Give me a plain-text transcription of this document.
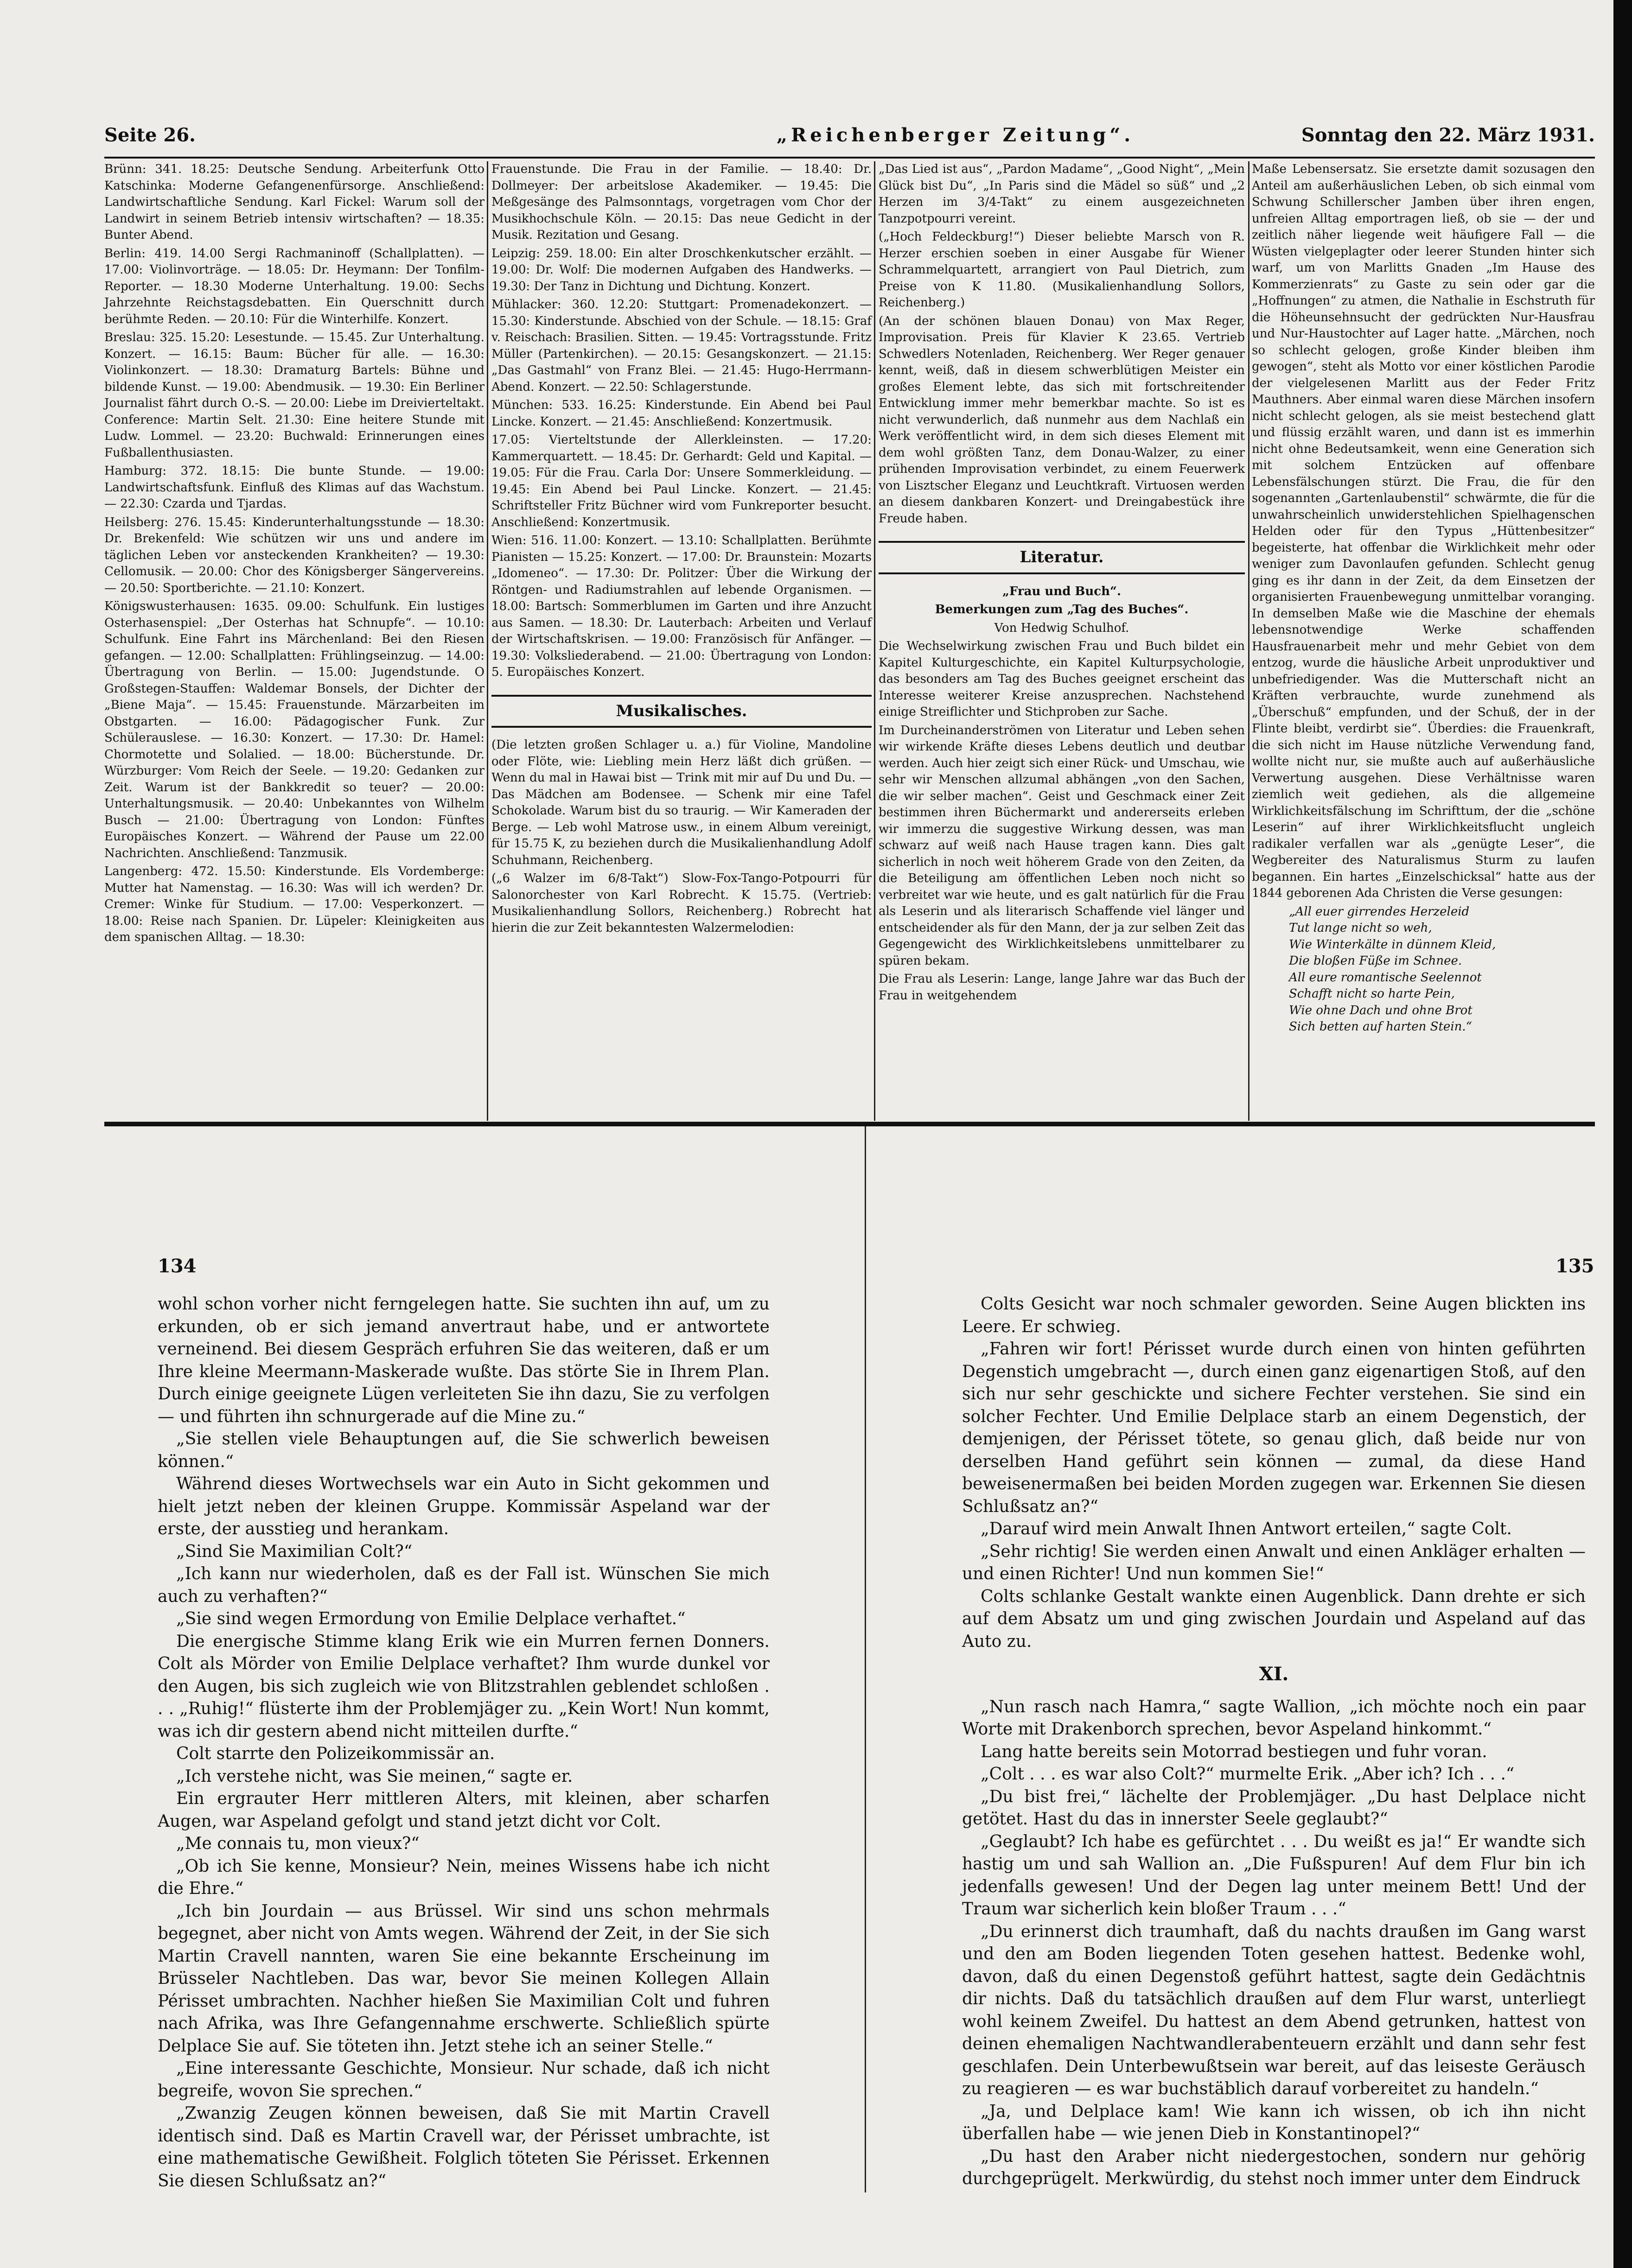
Seite 26.	„Reichenberger Zeitung“.	Sonntag den 22. März 1931.

Brünn: 341. 18.25: Deutsche Sendung. Arbeiterfunk Otto Katschinka: Moderne Gefangenenfürsorge. Anschließend: Landwirtschaftliche Sendung. Karl Fickel: Warum soll der Landwirt in seinem Betrieb intensiv wirtschaften? — 18.35: Bunter Abend.

Berlin: 419. 14.00 Sergi Rachmaninoff (Schallplatten). — 17.00: Violinvorträge. — 18.05: Dr. Heymann: Der Tonfilm-Reporter. — 18.30 Moderne Unterhaltung. 19.00: Sechs Jahrzehnte Reichstagsdebatten. Ein Querschnitt durch berühmte Reden. — 20.10: Für die Winterhilfe. Konzert.

Breslau: 325. 15.20: Lesestunde. — 15.45. Zur Unterhaltung. Konzert. — 16.15: Baum: Bücher für alle. — 16.30: Violinkonzert. — 18.30: Dramaturg Bartels: Bühne und bildende Kunst. — 19.00: Abendmusik. — 19.30: Ein Berliner Journalist fährt durch O.-S. — 20.00: Liebe im Dreivierteltakt. Conference: Martin Selt. 21.30: Eine heitere Stunde mit Ludw. Lommel. — 23.20: Buchwald: Erinnerungen eines Fußballenthusiasten.

Hamburg: 372. 18.15: Die bunte Stunde. — 19.00: Landwirtschaftsfunk. Einfluß des Klimas auf das Wachstum. — 22.30: Czarda und Tjardas.

Heilsberg: 276. 15.45: Kinderunterhaltungsstunde — 18.30: Dr. Brekenfeld: Wie schützen wir uns und andere im täglichen Leben vor ansteckenden Krankheiten? — 19.30: Cellomusik. — 20.00: Chor des Königsberger Sängervereins. — 20.50: Sportberichte. — 21.10: Konzert.

Königswusterhausen: 1635. 09.00: Schulfunk. Ein lustiges Osterhasenspiel: „Der Osterhas hat Schnupfe“. — 10.10: Schulfunk. Eine Fahrt ins Märchenland: Bei den Riesen gefangen. — 12.00: Schallplatten: Frühlingseinzug. — 14.00: Übertragung von Berlin. — 15.00: Jugendstunde. O Großstegen-Stauffen: Waldemar Bonsels, der Dichter der „Biene Maja“. — 15.45: Frauenstunde. Märzarbeiten im Obstgarten. — 16.00: Pädagogischer Funk. Zur Schülerauslese. — 16.30: Konzert. — 17.30: Dr. Hamel: Chormotette und Solalied. — 18.00: Bücherstunde. Dr. Würzburger: Vom Reich der Seele. — 19.20: Gedanken zur Zeit. Warum ist der Bankkredit so teuer? — 20.00: Unterhaltungsmusik. — 20.40: Unbekanntes von Wilhelm Busch — 21.00: Übertragung von London: Fünftes Europäisches Konzert. — Während der Pause um 22.00 Nachrichten. Anschließend: Tanzmusik.

Langenberg: 472. 15.50: Kinderstunde. Els Vordemberge: Mutter hat Namenstag. — 16.30: Was will ich werden? Dr. Cremer: Winke für Studium. — 17.00: Vesperkonzert. — 18.00: Reise nach Spanien. Dr. Lüpeler: Kleinigkeiten aus dem spanischen Alltag. — 18.30:

Frauenstunde. Die Frau in der Familie. — 18.40: Dr. Dollmeyer: Der arbeitslose Akademiker. — 19.45: Die Meßgesänge des Palmsonntags, vorgetragen vom Chor der Musikhochschule Köln. — 20.15: Das neue Gedicht in der Musik. Rezitation und Gesang.

Leipzig: 259. 18.00: Ein alter Droschkenkutscher erzählt. — 19.00: Dr. Wolf: Die modernen Aufgaben des Handwerks. — 19.30: Der Tanz in Dichtung und Dichtung. Konzert.

Mühlacker: 360. 12.20: Stuttgart: Promenadekonzert. — 15.30: Kinderstunde. Abschied von der Schule. — 18.15: Graf v. Reischach: Brasilien. Sitten. — 19.45: Vortragsstunde. Fritz Müller (Partenkirchen). — 20.15: Gesangskonzert. — 21.15: „Das Gastmahl“ von Franz Blei. — 21.45: Hugo-Herrmann-Abend. Konzert. — 22.50: Schlagerstunde.

München: 533. 16.25: Kinderstunde. Ein Abend bei Paul Lincke. Konzert. — 21.45: Anschließend: Konzertmusik.

17.05: Vierteltstunde der Allerkleinsten. — 17.20: Kammerquartett. — 18.45: Dr. Gerhardt: Geld und Kapital. — 19.05: Für die Frau. Carla Dor: Unsere Sommerkleidung. — 19.45: Ein Abend bei Paul Lincke. Konzert. — 21.45: Schriftsteller Fritz Büchner wird vom Funkreporter besucht. Anschließend: Konzertmusik.

Wien: 516. 11.00: Konzert. — 13.10: Schallplatten. Berühmte Pianisten — 15.25: Konzert. — 17.00: Dr. Braunstein: Mozarts „Idomeneo“. — 17.30: Dr. Politzer: Über die Wirkung der Röntgen- und Radiumstrahlen auf lebende Organismen. — 18.00: Bartsch: Sommerblumen im Garten und ihre Anzucht aus Samen. — 18.30: Dr. Lauterbach: Arbeiten und Verlauf der Wirtschaftskrisen. — 19.00: Französisch für Anfänger. — 19.30: Volksliederabend. — 21.00: Übertragung von London: 5. Europäisches Konzert.

Musikalisches.

(Die letzten großen Schlager u. a.) für Violine, Mandoline oder Flöte, wie: Liebling mein Herz läßt dich grüßen. — Wenn du mal in Hawai bist — Trink mit mir auf Du und Du. — Das Mädchen am Bodensee. — Schenk mir eine Tafel Schokolade. Warum bist du so traurig. — Wir Kameraden der Berge. — Leb wohl Matrose usw., in einem Album vereinigt, für 15.75 K, zu beziehen durch die Musikalienhandlung Adolf Schuhmann, Reichenberg.

(„6 Walzer im 6/8-Takt“) Slow-Fox-Tango-Potpourri für Salonorchester von Karl Robrecht. K 15.75. (Vertrieb: Musikalienhandlung Sollors, Reichenberg.) Robrecht hat hierin die zur Zeit bekanntesten Walzermelodien:

„Das Lied ist aus“, „Pardon Madame“, „Good Night“, „Mein Glück bist Du“, „In Paris sind die Mädel so süß“ und „2 Herzen im 3/4-Takt“ zu einem ausgezeichneten Tanzpotpourri vereint.

(„Hoch Feldeckburg!“) Dieser beliebte Marsch von R. Herzer erschien soeben in einer Ausgabe für Wiener Schrammelquartett, arrangiert von Paul Dietrich, zum Preise von K 11.80. (Musikalienhandlung Sollors, Reichenberg.)

(An der schönen blauen Donau) von Max Reger, Improvisation. Preis für Klavier K 23.65. Vertrieb Schwedlers Notenladen, Reichenberg. Wer Reger genauer kennt, weiß, daß in diesem schwerblütigen Meister ein großes Element lebte, das sich mit fortschreitender Entwicklung immer mehr bemerkbar machte. So ist es nicht verwunderlich, daß nunmehr aus dem Nachlaß ein Werk veröffentlicht wird, in dem sich dieses Element mit dem wohl größten Tanz, dem Donau-Walzer, zu einer prühenden Improvisation verbindet, zu einem Feuerwerk von Lisztscher Eleganz und Leuchtkraft. Virtuosen werden an diesem dankbaren Konzert- und Dreingabestück ihre Freude haben.

Literatur.

„Frau und Buch“.

Bemerkungen zum „Tag des Buches“.

Von Hedwig Schulhof.

Die Wechselwirkung zwischen Frau und Buch bildet ein Kapitel Kulturgeschichte, ein Kapitel Kulturpsychologie, das besonders am Tag des Buches geeignet erscheint das Interesse weiterer Kreise anzusprechen. Nachstehend einige Streiflichter und Stichproben zur Sache.

Im Durcheinanderströmen von Literatur und Leben sehen wir wirkende Kräfte dieses Lebens deutlich und deutbar werden. Auch hier zeigt sich einer Rück- und Umschau, wie sehr wir Menschen allzumal abhängen „von den Sachen, die wir selber machen“. Geist und Geschmack einer Zeit bestimmen ihren Büchermarkt und andererseits erleben wir immerzu die suggestive Wirkung dessen, was man schwarz auf weiß nach Hause tragen kann. Dies galt sicherlich in noch weit höherem Grade von den Zeiten, da die Beteiligung am öffentlichen Leben noch nicht so verbreitet war wie heute, und es galt natürlich für die Frau als Leserin und als literarisch Schaffende viel länger und entscheidender als für den Mann, der ja zur selben Zeit das Gegengewicht des Wirklichkeitslebens unmittelbarer zu spüren bekam.

Die Frau als Leserin: Lange, lange Jahre war das Buch der Frau in weitgehendem

Maße Lebensersatz. Sie ersetzte damit sozusagen den Anteil am außerhäuslichen Leben, ob sich einmal vom Schwung Schillerscher Jamben über ihren engen, unfreien Alltag emportragen ließ, ob sie — der und zeitlich näher liegende weit häufigere Fall — die Wüsten vielgeplagter oder leerer Stunden hinter sich warf, um von Marlitts Gnaden „Im Hause des Kommerzienrats“ zu Gaste zu sein oder gar die „Hoffnungen“ zu atmen, die Nathalie in Eschstruth für die Höheunsehnsucht der gedrückten Nur-Hausfrau und Nur-Haustochter auf Lager hatte. „Märchen, noch so schlecht gelogen, große Kinder bleiben ihm gewogen“, steht als Motto vor einer köstlichen Parodie der vielgelesenen Marlitt aus der Feder Fritz Mauthners. Aber einmal waren diese Märchen insofern nicht schlecht gelogen, als sie meist bestechend glatt und flüssig erzählt waren, und dann ist es immerhin nicht ohne Bedeutsamkeit, wenn eine Generation sich mit solchem Entzücken auf offenbare Lebensfälschungen stürzt. Die Frau, die für den sogenannten „Gartenlaubenstil“ schwärmte, die für die unwahrscheinlich unwiderstehlichen Spielhagenschen Helden oder für den Typus „Hüttenbesitzer“ begeisterte, hat offenbar die Wirklichkeit mehr oder weniger zum Davonlaufen gefunden. Schlecht genug ging es ihr dann in der Zeit, da dem Einsetzen der organisierten Frauenbewegung unmittelbar voranging. In demselben Maße wie die Maschine der ehemals lebensnotwendige Werke schaffenden Hausfrauenarbeit mehr und mehr Gebiet von dem entzog, wurde die häusliche Arbeit unproduktiver und unbefriedigender. Was die Mutterschaft nicht an Kräften verbrauchte, wurde zunehmend als „Überschuß“ empfunden, und der Schuß, der in der Flinte bleibt, verdirbt sie“. Überdies: die Frauenkraft, die sich nicht im Hause nützliche Verwendung fand, wollte nicht nur, sie mußte auch auf außerhäusliche Verwertung ausgehen. Diese Verhältnisse waren ziemlich weit gediehen, als die allgemeine Wirklichkeitsfälschung im Schrifttum, der die „schöne Leserin“ auf ihrer Wirklichkeitsflucht ungleich radikaler verfallen war als „genügte Leser“, die Wegbereiter des Naturalismus Sturm zu laufen begannen. Ein hartes „Einzelschicksal“ hatte aus der 1844 geborenen Ada Christen die Verse gesungen:

„All euer girrendes Herzeleid
Tut lange nicht so weh,
Wie Winterkälte in dünnem Kleid,
Die bloßen Füße im Schnee.
All eure romantische Seelennot
Schafft nicht so harte Pein,
Wie ohne Dach und ohne Brot
Sich betten auf harten Stein.“
134	135

wohl schon vorher nicht ferngelegen hatte. Sie suchten ihn auf, um zu erkunden, ob er sich jemand anvertraut habe, und er antwortete verneinend. Bei diesem Gespräch erfuhren Sie das weiteren, daß er um Ihre kleine Meermann-Maskerade wußte. Das störte Sie in Ihrem Plan. Durch einige geeignete Lügen verleiteten Sie ihn dazu, Sie zu verfolgen — und führten ihn schnurgerade auf die Mine zu.“

„Sie stellen viele Behauptungen auf, die Sie schwerlich beweisen können.“

Während dieses Wortwechsels war ein Auto in Sicht gekommen und hielt jetzt neben der kleinen Gruppe. Kommissär Aspeland war der erste, der ausstieg und herankam.

„Sind Sie Maximilian Colt?“

„Ich kann nur wiederholen, daß es der Fall ist. Wünschen Sie mich auch zu verhaften?“

„Sie sind wegen Ermordung von Emilie Delplace verhaftet.“

Die energische Stimme klang Erik wie ein Murren fernen Donners. Colt als Mörder von Emilie Delplace verhaftet? Ihm wurde dunkel vor den Augen, bis sich zugleich wie von Blitzstrahlen geblendet schloßen . . . „Ruhig!“ flüsterte ihm der Problemjäger zu. „Kein Wort! Nun kommt, was ich dir gestern abend nicht mitteilen durfte.“

Colt starrte den Polizeikommissär an.

„Ich verstehe nicht, was Sie meinen,“ sagte er.

Ein ergrauter Herr mittleren Alters, mit kleinen, aber scharfen Augen, war Aspeland gefolgt und stand jetzt dicht vor Colt.

„Me connais tu, mon vieux?“

„Ob ich Sie kenne, Monsieur? Nein, meines Wissens habe ich nicht die Ehre.“

„Ich bin Jourdain — aus Brüssel. Wir sind uns schon mehrmals begegnet, aber nicht von Amts wegen. Während der Zeit, in der Sie sich Martin Cravell nannten, waren Sie eine bekannte Erscheinung im Brüsseler Nachtleben. Das war, bevor Sie meinen Kollegen Allain Périsset umbrachten. Nachher hießen Sie Maximilian Colt und fuhren nach Afrika, was Ihre Gefangennahme erschwerte. Schließlich spürte Delplace Sie auf. Sie töteten ihn. Jetzt stehe ich an seiner Stelle.“

„Eine interessante Geschichte, Monsieur. Nur schade, daß ich nicht begreife, wovon Sie sprechen.“

„Zwanzig Zeugen können beweisen, daß Sie mit Martin Cravell identisch sind. Daß es Martin Cravell war, der Périsset umbrachte, ist eine mathematische Gewißheit. Folglich töteten Sie Périsset. Erkennen Sie diesen Schlußsatz an?“

Colts Gesicht war noch schmaler geworden. Seine Augen blickten ins Leere. Er schwieg.

„Fahren wir fort! Périsset wurde durch einen von hinten geführten Degenstich umgebracht —, durch einen ganz eigenartigen Stoß, auf den sich nur sehr geschickte und sichere Fechter verstehen. Sie sind ein solcher Fechter. Und Emilie Delplace starb an einem Degenstich, der demjenigen, der Périsset tötete, so genau glich, daß beide nur von derselben Hand geführt sein können — zumal, da diese Hand beweisenermaßen bei beiden Morden zugegen war. Erkennen Sie diesen Schlußsatz an?“

„Darauf wird mein Anwalt Ihnen Antwort erteilen,“ sagte Colt.

„Sehr richtig! Sie werden einen Anwalt und einen Ankläger erhalten — und einen Richter! Und nun kommen Sie!“

Colts schlanke Gestalt wankte einen Augenblick. Dann drehte er sich auf dem Absatz um und ging zwischen Jourdain und Aspeland auf das Auto zu.

XI.

„Nun rasch nach Hamra,“ sagte Wallion, „ich möchte noch ein paar Worte mit Drakenborch sprechen, bevor Aspeland hinkommt.“

Lang hatte bereits sein Motorrad bestiegen und fuhr voran.

„Colt . . . es war also Colt?“ murmelte Erik. „Aber ich? Ich . . .“

„Du bist frei,“ lächelte der Problemjäger. „Du hast Delplace nicht getötet. Hast du das in innerster Seele geglaubt?“

„Geglaubt? Ich habe es gefürchtet . . . Du weißt es ja!“ Er wandte sich hastig um und sah Wallion an. „Die Fußspuren! Auf dem Flur bin ich jedenfalls gewesen! Und der Degen lag unter meinem Bett! Und der Traum war sicherlich kein bloßer Traum . . .“

„Du erinnerst dich traumhaft, daß du nachts draußen im Gang warst und den am Boden liegenden Toten gesehen hattest. Bedenke wohl, davon, daß du einen Degenstoß geführt hattest, sagte dein Gedächtnis dir nichts. Daß du tatsächlich draußen auf dem Flur warst, unterliegt wohl keinem Zweifel. Du hattest an dem Abend getrunken, hattest von deinen ehemaligen Nachtwandlerabenteuern erzählt und dann sehr fest geschlafen. Dein Unterbewußtsein war bereit, auf das leiseste Geräusch zu reagieren — es war buchstäblich darauf vorbereitet zu handeln.“

„Ja, und Delplace kam! Wie kann ich wissen, ob ich ihn nicht überfallen habe — wie jenen Dieb in Konstantinopel?“

„Du hast den Araber nicht niedergestochen, sondern nur gehörig durchgeprügelt. Merkwürdig, du stehst noch immer unter dem Eindruck
